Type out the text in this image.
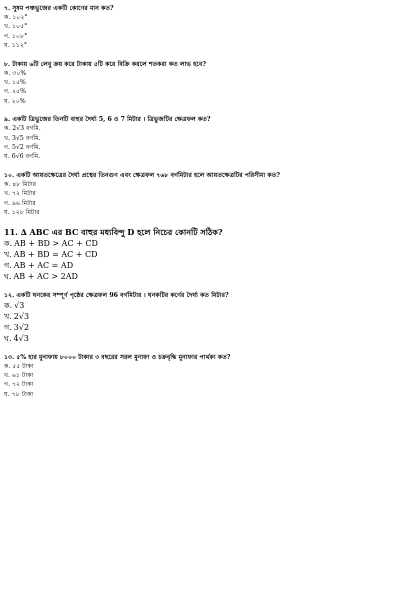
৭. সুষম পঞ্চভুজের একটি কোণের মান কত?
ক. ১০২°
খ. ১০৫°
গ. ১০৮°
ঘ. ১১২°
৮. টাকায় ৬টি লেবু ক্রয় করে টাকায় ৫টি করে বিক্রি করলে শতকরা কত লাভ হবে?
ক. ৩০%
খ. ১৫%
গ. ২৫%
ঘ. ২০%
৯. একটি ত্রিভুজের তিনটি বাহুর দৈর্ঘ্য 5, 6 ও 7 মিটার । ত্রিভুজটির ক্ষেত্রফল কত?
ক. 2√3 বর্গমি.
খ. 3√5 বর্গমি.
গ. 5√2 বর্গমি.
ঘ. 6√6 বর্গমি.
১০. একটি আয়তক্ষেত্রের দৈর্ঘ্য প্রস্থের তিনগুণ এবং ক্ষেত্রফল ৭৬৮ বর্গমিটার হলে আয়তক্ষেত্রটির পরিসীমা কত?
ক. ৪৮ মিটার
খ. ৭২ মিটার
গ. ৯৬ মিটার
ঘ. ১২৮ মিটার
11. ∆ ABC এর BC বাহুর মধ্যবিন্দু D হলে নিচের কোনটি সঠিক?
ক. AB + BD > AC + CD
খ. AB + BD = AC + CD
গ. AB + AC = AD
ঘ. AB + AC > 2AD
১২. একটি ঘনকের সম্পূর্ণ পৃষ্ঠের ক্ষেত্রফল 96 বর্গমিটার । ঘনকটির কর্ণের দৈর্ঘ্য কত মিটার?
ক. √3
খ. 2√3
গ. 3√2
ঘ. 4√3
১৩. ৫% হার মুনাফায় ৮০০০ টাকার ৩ বছরের সরল মুনাফা ও চক্রবৃদ্ধি মুনাফার পার্থক্য কত?
ক. ৫৫ টাকা
খ. ৬১ টাকা
গ. ৭২ টাকা
ঘ. ৭৮ টাকা
